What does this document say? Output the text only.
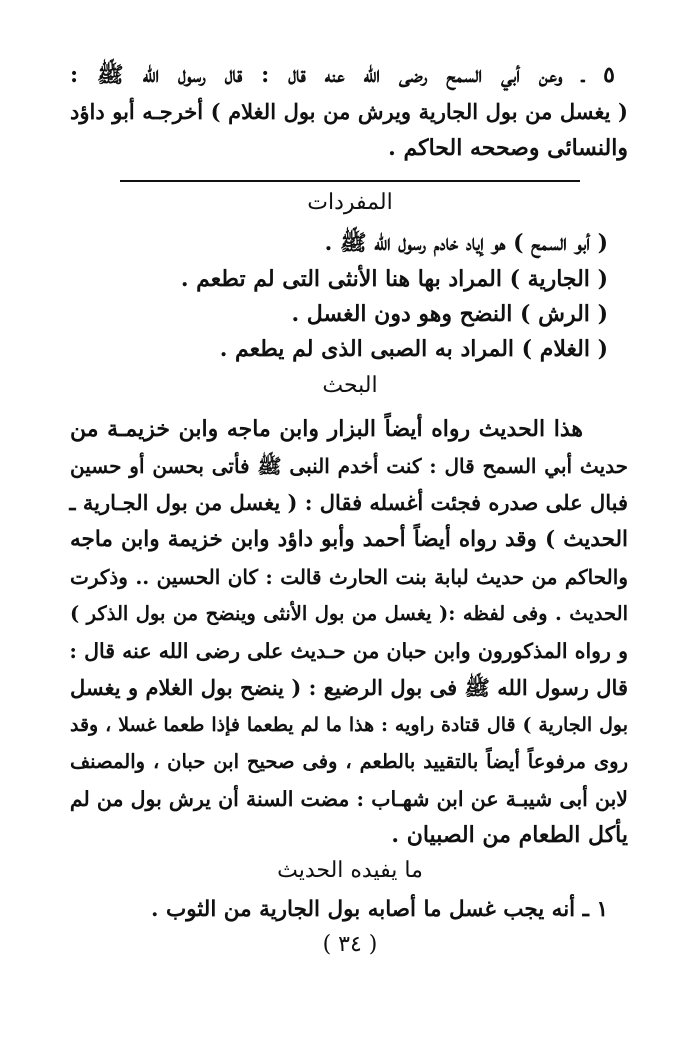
٥ ـ وعن أبي السمح رضى الله عنه قال : قال رسول الله ﷺ :

( يغسل من بول الجارية ويرش من بول الغلام ) أخرجـه أبو داؤد

والنسائى وصححه الحاكم .

المفردات

( أبو السمح ) هو إياد خادم رسول الله ﷺ .

( الجارية ) المراد بها هنا الأنثى التى لم تطعم .

( الرش ) النضح وهو دون الغسل .

( الغلام ) المراد به الصبى الذى لم يطعم .

البحث

هذا الحديث رواه أيضاً البزار وابن ماجه وابن خزيمـة من

حديث أبي السمح قال : كنت أخدم النبى ﷺ فأتى بحسن أو حسين

فبال على صدره فجئت أغسله فقال : ( يغسل من بول الجـارية ـ

الحديث ) وقد رواه أيضاً أحمد وأبو داؤد وابن خزيمة وابن ماجه

والحاكم من حديث لبابة بنت الحارث قالت : كان الحسين .. وذكرت

الحديث . وفى لفظه :( يغسل من بول الأنثى وينضح من بول الذكر )

و رواه المذكورون وابن حبان من حـديث على رضى الله عنه قال :

قال رسول الله ﷺ فى بول الرضيع : ( ينضح بول الغلام و يغسل

بول الجارية ) قال قتادة راويه : هذا ما لم يطعما فإذا طعما غسلا ، وقد

روى مرفوعاً أيضاً بالتقييد بالطعم ، وفى صحيح ابن حبان ، والمصنف

لابن أبى شيبـة عن ابن شهـاب : مضت السنة أن يرش بول من لم

يأكل الطعام من الصبيان .

ما يفيده الحديث

١ ـ أنه يجب غسل ما أصابه بول الجارية من الثوب .

( ٣٤ )
